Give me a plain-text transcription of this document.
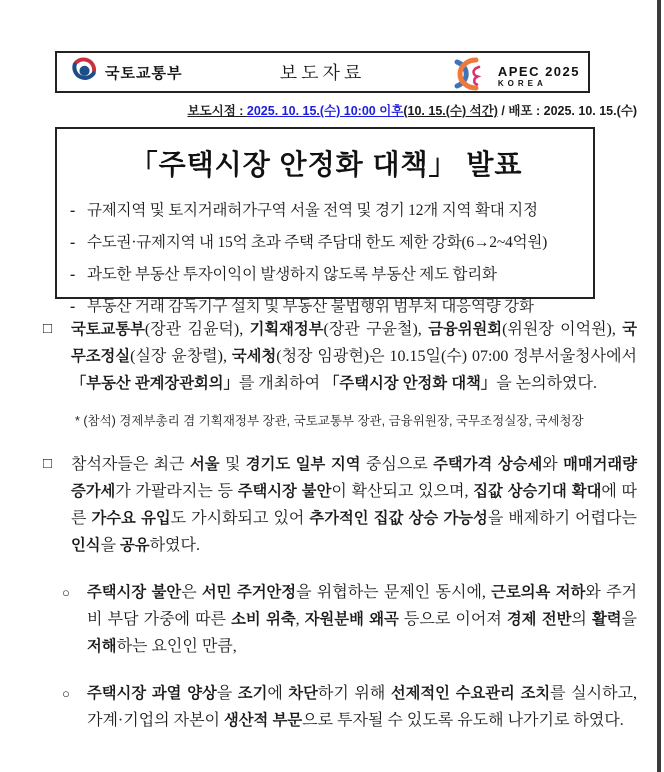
국토교통부	보도자료	APEC 2025
KOREA
보도시점 : 2025. 10. 15.(수) 10:00 이후(10. 15.(수) 석간) / 배포 : 2025. 10. 15.(수)
「주택시장 안정화 대책」 발표
- 규제지역 및 토지거래허가구역 서울 전역 및 경기 12개 지역 확대 지정
- 수도권·규제지역 내 15억 초과 주택 주담대 한도 제한 강화(6→2~4억원)
- 과도한 부동산 투자이익이 발생하지 않도록 부동산 제도 합리화
- 부동산 거래 감독기구 설치 및 부동산 불법행위 범부처 대응역량 강화
□ 국토교통부(장관 김윤덕), 기획재정부(장관 구윤철), 금융위원회(위원장 이억원), 국무조정실(실장 윤창렬), 국세청(청장 임광현)은 10.15일(수) 07:00 정부서울청사에서 「부동산 관계장관회의」를 개최하여 「주택시장 안정화 대책」을 논의하였다.
* (참석) 경제부총리 겸 기획재정부 장관, 국토교통부 장관, 금융위원장, 국무조정실장, 국세청장
□ 참석자들은 최근 서울 및 경기도 일부 지역 중심으로 주택가격 상승세와 매매거래량 증가세가 가팔라지는 등 주택시장 불안이 확산되고 있으며, 집값 상승기대 확대에 따른 가수요 유입도 가시화되고 있어 추가적인 집값 상승 가능성을 배제하기 어렵다는 인식을 공유하였다.
○ 주택시장 불안은 서민 주거안정을 위협하는 문제인 동시에, 근로의욕 저하와 주거비 부담 가중에 따른 소비 위축, 자원분배 왜곡 등으로 이어져 경제 전반의 활력을 저해하는 요인인 만큼,
○ 주택시장 과열 양상을 조기에 차단하기 위해 선제적인 수요관리 조치를 실시하고, 가계·기업의 자본이 생산적 부문으로 투자될 수 있도록 유도해 나가기로 하였다.
